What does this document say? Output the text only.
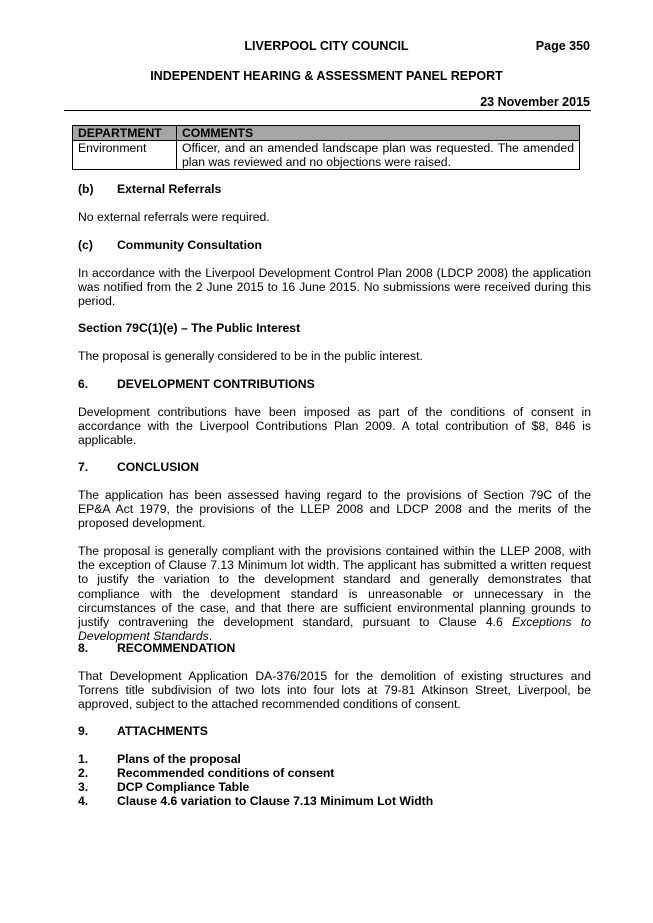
LIVERPOOL CITY COUNCIL	Page 350
INDEPENDENT HEARING & ASSESSMENT PANEL REPORT
23 November 2015
DEPARTMENT	COMMENTS
Environment	Officer, and an amended landscape plan was requested. The amended plan was reviewed and no objections were raised.
(b) External Referrals
No external referrals were required.
(c) Community Consultation
In accordance with the Liverpool Development Control Plan 2008 (LDCP 2008) the application was notified from the 2 June 2015 to 16 June 2015. No submissions were received during this period.
Section 79C(1)(e) – The Public Interest
The proposal is generally considered to be in the public interest.
6. DEVELOPMENT CONTRIBUTIONS
Development contributions have been imposed as part of the conditions of consent in accordance with the Liverpool Contributions Plan 2009. A total contribution of $8, 846 is applicable.
7. CONCLUSION
The application has been assessed having regard to the provisions of Section 79C of the EP&A Act 1979, the provisions of the LLEP 2008 and LDCP 2008 and the merits of the proposed development.
The proposal is generally compliant with the provisions contained within the LLEP 2008, with the exception of Clause 7.13 Minimum lot width. The applicant has submitted a written request to justify the variation to the development standard and generally demonstrates that compliance with the development standard is unreasonable or unnecessary in the circumstances of the case, and that there are sufficient environmental planning grounds to justify contravening the development standard, pursuant to Clause 4.6 Exceptions to Development Standards.
8. RECOMMENDATION
That Development Application DA-376/2015 for the demolition of existing structures and Torrens title subdivision of two lots into four lots at 79-81 Atkinson Street, Liverpool, be approved, subject to the attached recommended conditions of consent.
9. ATTACHMENTS
1. Plans of the proposal
2. Recommended conditions of consent
3. DCP Compliance Table
4. Clause 4.6 variation to Clause 7.13 Minimum Lot Width
